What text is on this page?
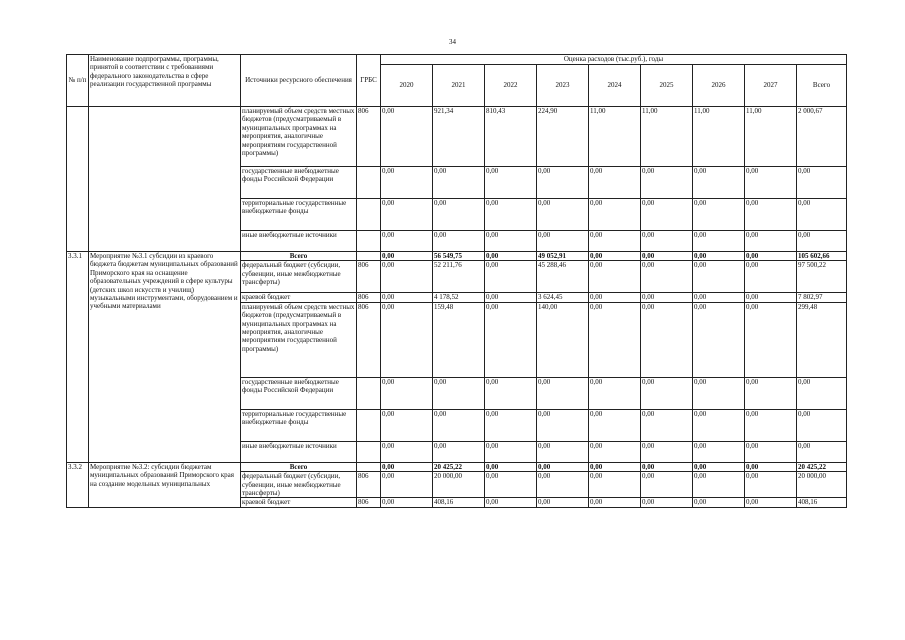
34
№ п/п	Наименование подпрограммы, программы, принятой в соответствии с требованиями федерального законодательства в сфере реализации государственной программы	Источники ресурсного обеспечения	ГРБС	Оценка расходов (тыс.руб.), годы								
				2020	2021	2022	2023	2024	2025	2026	2027	Всего
		планируемый объем средств местных бюджетов (предусматриваемый в муниципальных программах на мероприятия, аналогичные мероприятиям государственной программы)	806	0,00	921,34	810,43	224,90	11,00	11,00	11,00	11,00	2 000,67
		государственные внебюджетные фонды Российской Федерации		0,00	0,00	0,00	0,00	0,00	0,00	0,00	0,00	0,00
		территориальные государственные внебюджетные фонды		0,00	0,00	0,00	0,00	0,00	0,00	0,00	0,00	0,00
		иные внебюджетные источники		0,00	0,00	0,00	0,00	0,00	0,00	0,00	0,00	0,00
3.3.1	Мероприятие №3.1 субсидии из краевого бюджета бюджетам муниципальных образований Приморского края на оснащение образовательных учреждений в сфере культуры (детских школ искусств и училищ) музыкальными инструментами, оборудованием и учебными материалами	Всего		0,00	56 549,75	0,00	49 052,91	0,00	0,00	0,00	0,00	105 602,66
		федеральный бюджет (субсидии, субвенции, иные межбюджетные трансферты)	806	0,00	52 211,76	0,00	45 288,46	0,00	0,00	0,00	0,00	97 500,22
		краевой бюджет	806	0,00	4 178,52	0,00	3 624,45	0,00	0,00	0,00	0,00	7 802,97
		планируемый объем средств местных бюджетов (предусматриваемый в муниципальных программах на мероприятия, аналогичные мероприятиям государственной программы)	806	0,00	159,48	0,00	140,00	0,00	0,00	0,00	0,00	299,48
		государственные внебюджетные фонды Российской Федерации		0,00	0,00	0,00	0,00	0,00	0,00	0,00	0,00	0,00
		территориальные государственные внебюджетные фонды		0,00	0,00	0,00	0,00	0,00	0,00	0,00	0,00	0,00
		иные внебюджетные источники		0,00	0,00	0,00	0,00	0,00	0,00	0,00	0,00	0,00
3.3.2	Мероприятие №3.2: субсидии бюджетам муниципальных образований Приморского края на создание модельных муниципальных	Всего		0,00	20 425,22	0,00	0,00	0,00	0,00	0,00	0,00	20 425,22
		федеральный бюджет (субсидии, субвенции, иные межбюджетные трансферты)	806	0,00	20 000,00	0,00	0,00	0,00	0,00	0,00	0,00	20 000,00
		краевой бюджет	806	0,00	408,16	0,00	0,00	0,00	0,00	0,00	0,00	408,16
